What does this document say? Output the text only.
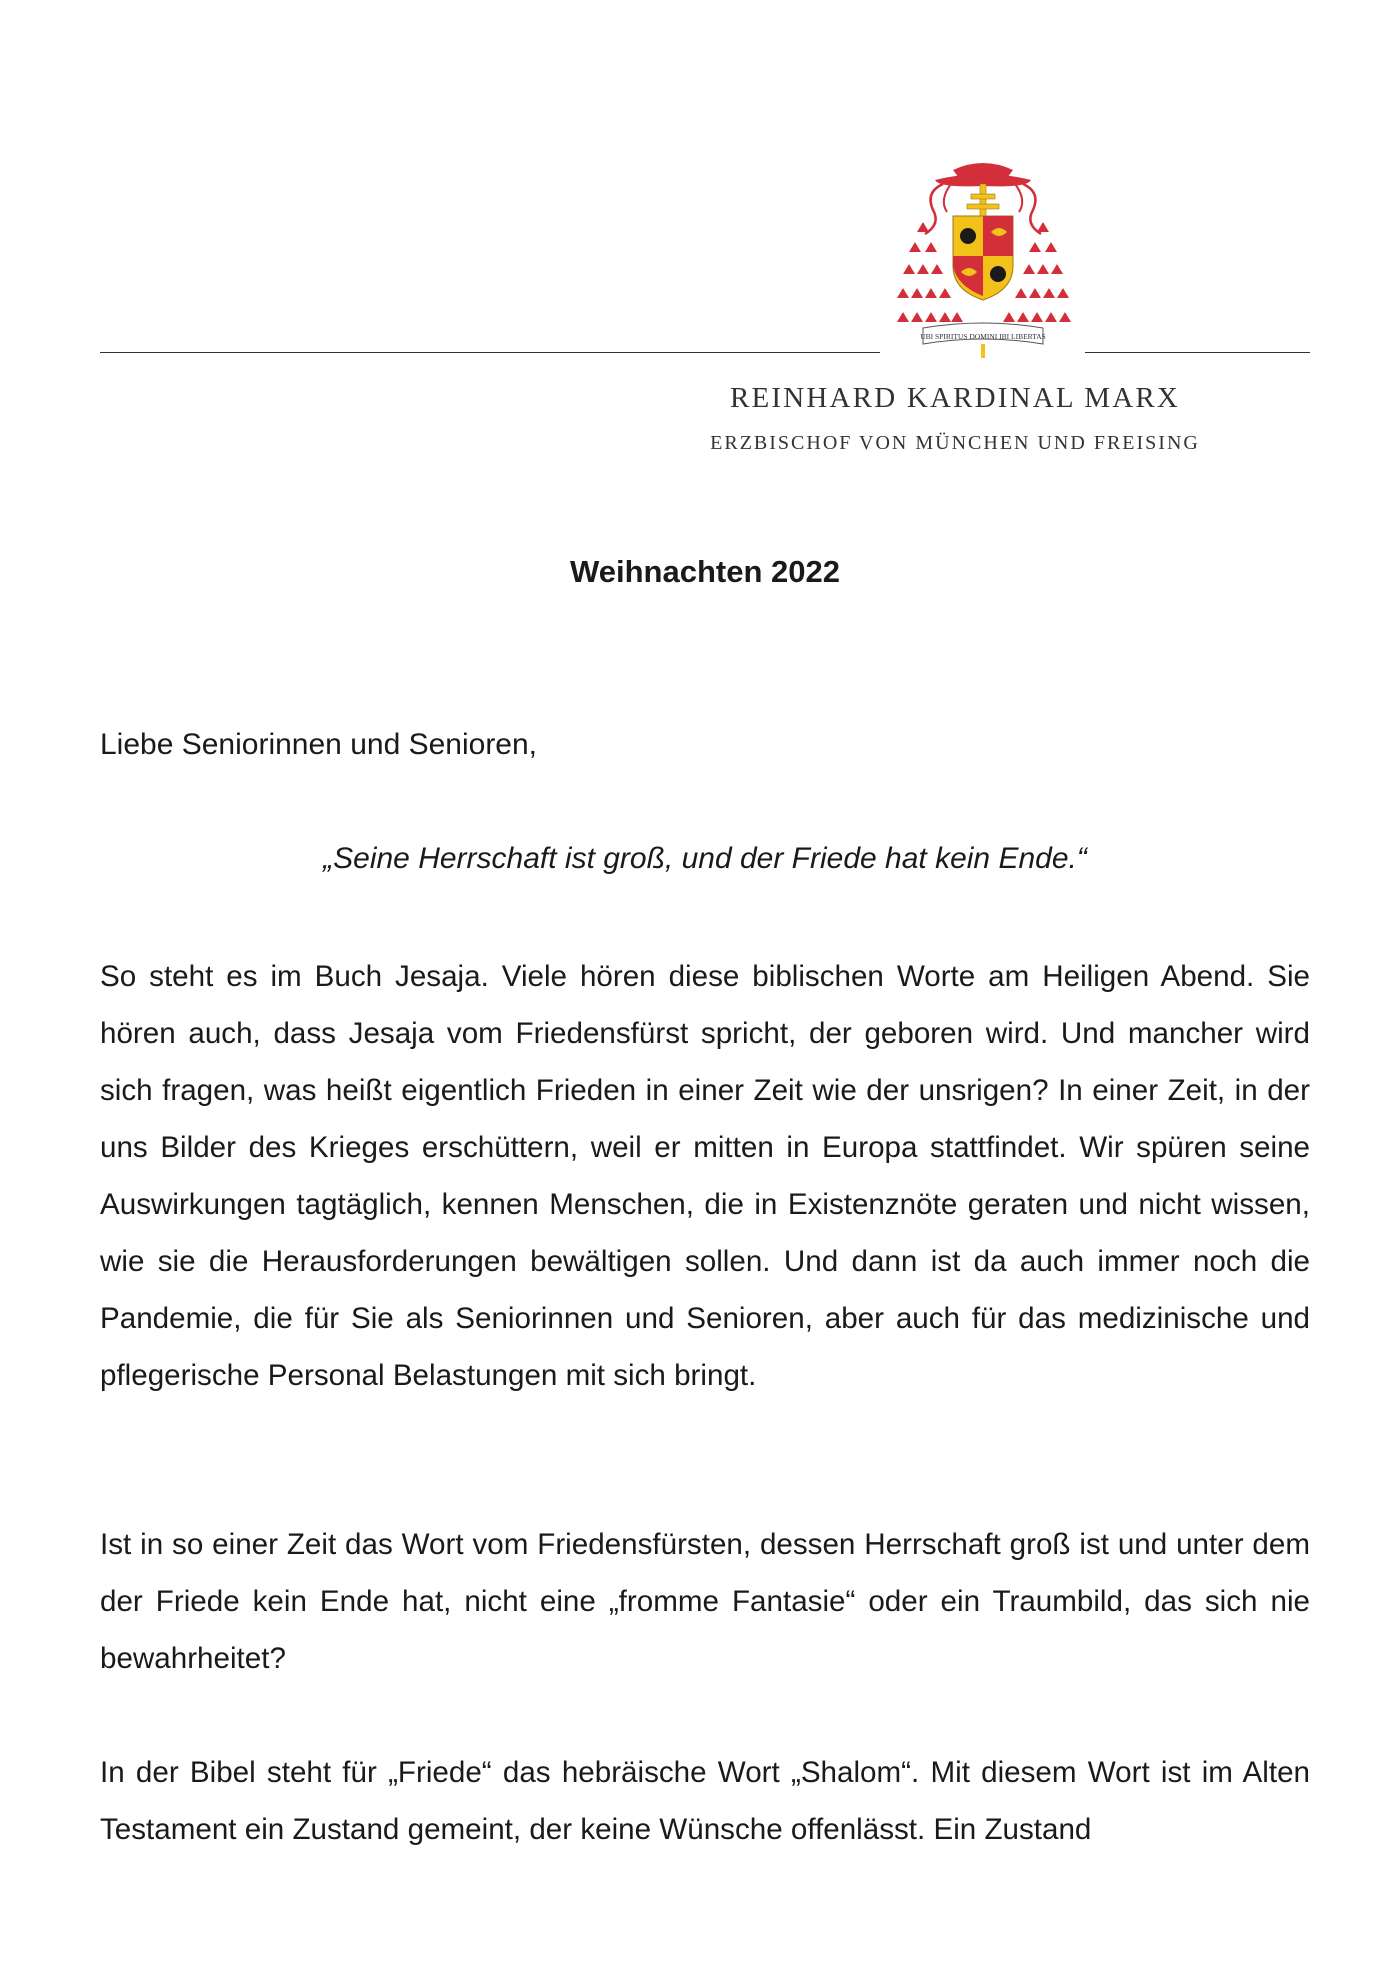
UBI SPIRITUS DOMINI IBI LIBERTAS
REINHARD KARDINAL MARX
ERZBISCHOF VON MÜNCHEN UND FREISING
Weihnachten 2022
Liebe Seniorinnen und Senioren,
„Seine Herrschaft ist groß, und der Friede hat kein Ende.“

So steht es im Buch Jesaja. Viele hören diese biblischen Worte am Heiligen Abend. Sie hören auch, dass Jesaja vom Friedensfürst spricht, der geboren wird. Und mancher wird sich fragen, was heißt eigentlich Frieden in einer Zeit wie der unsrigen? In einer Zeit, in der uns Bilder des Krieges erschüttern, weil er mitten in Europa stattfindet. Wir spüren seine Auswirkungen tagtäglich, kennen Menschen, die in Existenznöte geraten und nicht wissen, wie sie die Herausforderungen bewältigen sollen. Und dann ist da auch immer noch die Pandemie, die für Sie als Seniorinnen und Senioren, aber auch für das medizinische und pflegerische Personal Belastungen mit sich bringt.

Ist in so einer Zeit das Wort vom Friedensfürsten, dessen Herrschaft groß ist und unter dem der Friede kein Ende hat, nicht eine „fromme Fantasie“ oder ein Traumbild, das sich nie bewahrheitet?

In der Bibel steht für „Friede“ das hebräische Wort „Shalom“. Mit diesem Wort ist im Alten Testament ein Zustand gemeint, der keine Wünsche offenlässt. Ein Zustand
